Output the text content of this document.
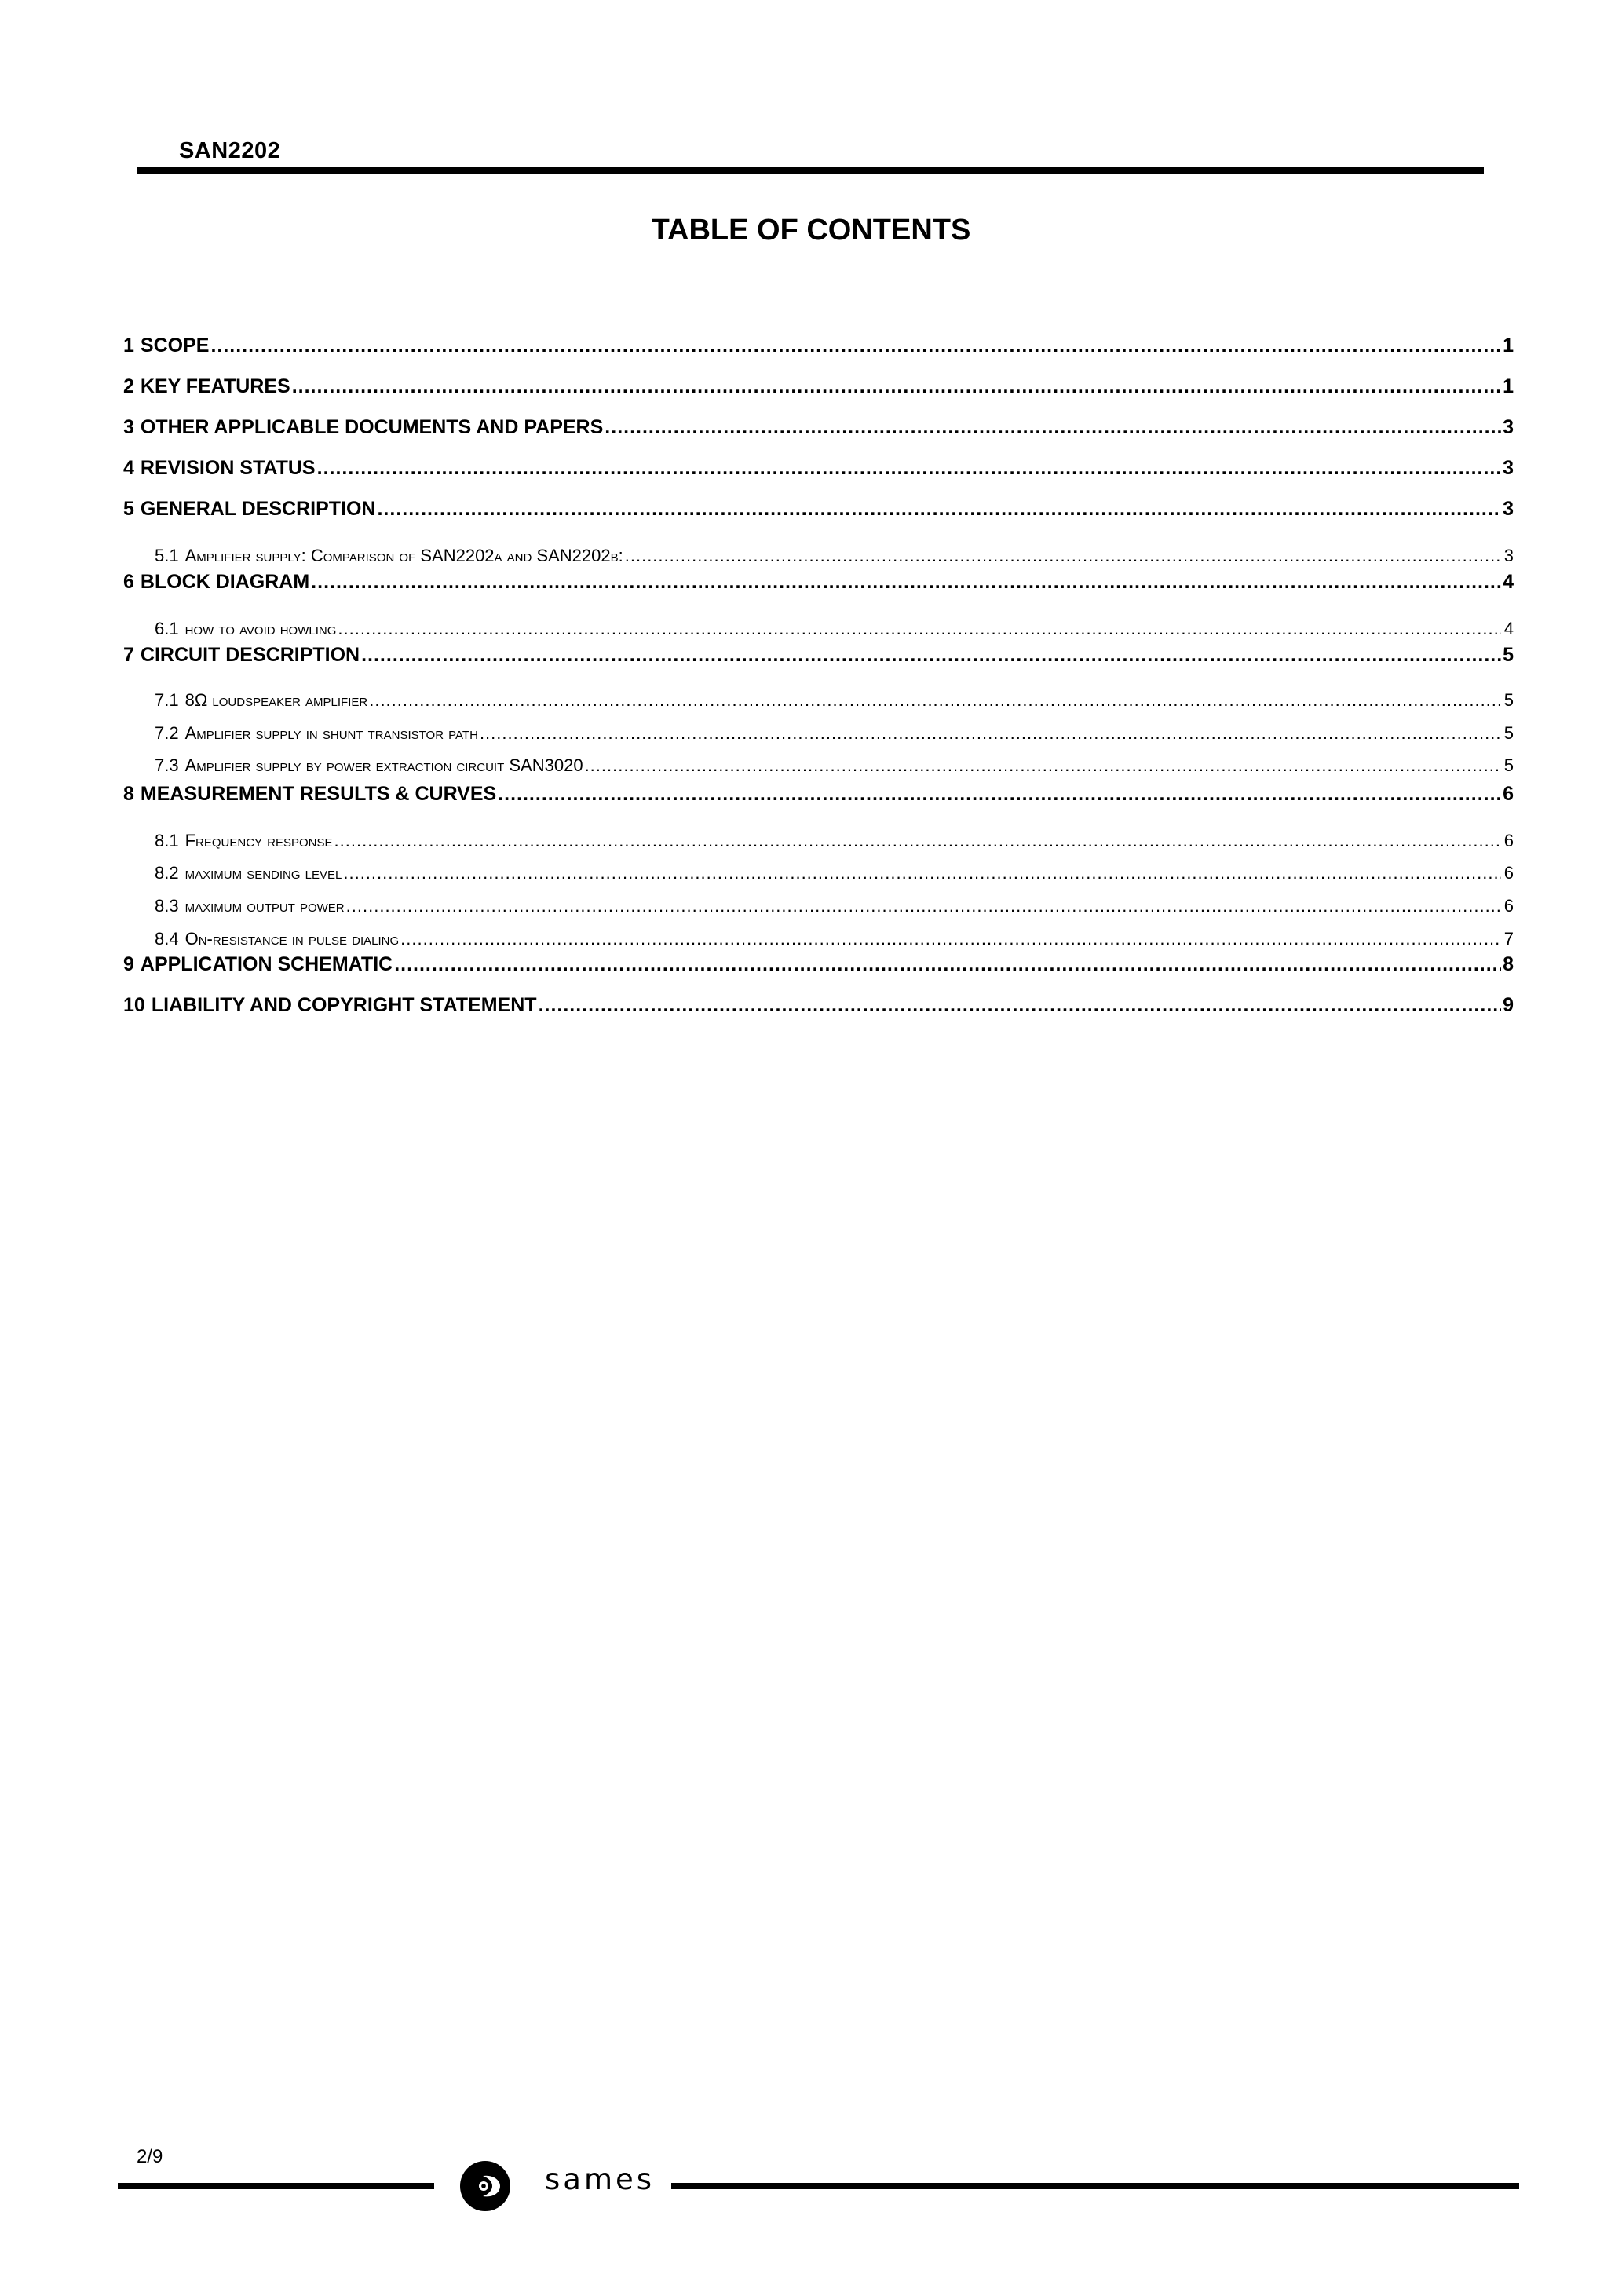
SAN2202
TABLE OF CONTENTS
1 SCOPE .....	1
2 KEY FEATURES .....	1
3 OTHER APPLICABLE DOCUMENTS AND PAPERS .....	3
4 REVISION STATUS .....	3
5 GENERAL DESCRIPTION .....	3
5.1 Amplifier supply: Comparison of SAN2202a and SAN2202b: .....	3
6 BLOCK DIAGRAM .....	4
6.1 how to avoid howling .....	4
7 CIRCUIT DESCRIPTION .....	5
7.1 8Ω loudspeaker amplifier .....	5
7.2 Amplifier supply in shunt transistor path .....	5
7.3 Amplifier supply by power extraction circuit SAN3020 .....	5
8 MEASUREMENT RESULTS & CURVES .....	6
8.1 Frequency response .....	6
8.2 maximum sending level .....	6
8.3 maximum output power .....	6
8.4 On-resistance in pulse dialing .....	7
9 APPLICATION SCHEMATIC .....	8
10 LIABILITY AND COPYRIGHT STATEMENT .....	9
2/9
sames
